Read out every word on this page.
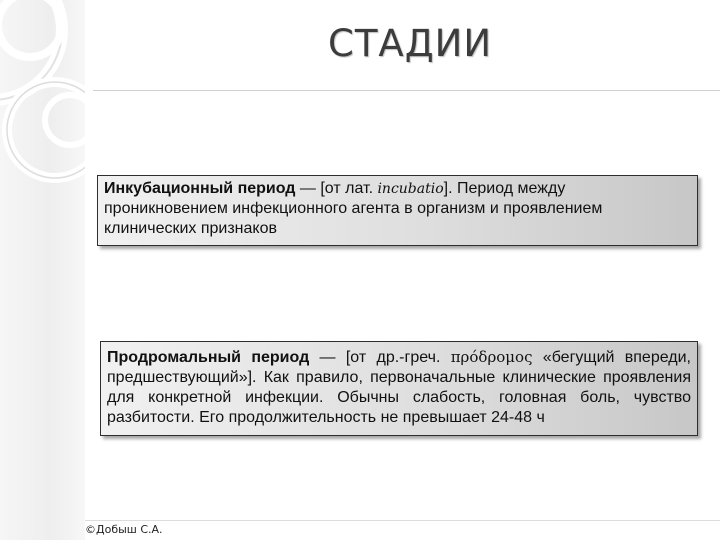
СТАДИИ
Инкубационный период — [от лат. incubatio]. Период между проникновением инфекционного агента в организм и проявлением клинических признаков
Продромальный период — [от др.-греч. πρόδρομος «бегущий впереди, предшествующий»]. Как правило, первоначальные клинические проявления для конкретной инфекции. Обычны слабость, головная боль, чувство разбитости. Его продолжительность не превышает 24-48 ч
©Добыш С.А.
